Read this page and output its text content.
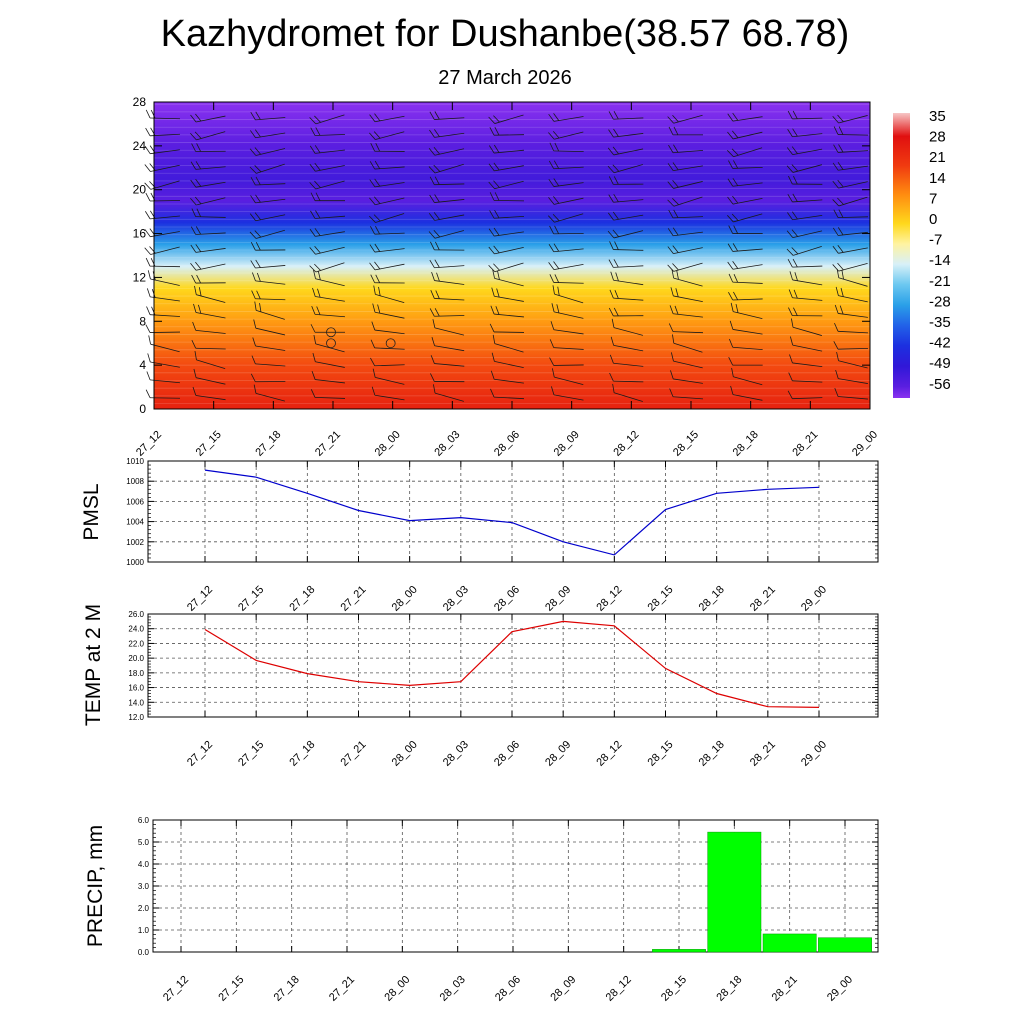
Kazhydromet for Dushanbe(38.57 68.78)
27 March 2026
0
4
8
12
16
20
24
28
27_12	27_15	27_18	27_21	28_00	28_03	28_06	28_09	28_12	28_15	28_18	28_21	29_00
35
28
21
14
7
0
-7
-14
-21
-28
-35
-42
-49
-56
1000
1002
1004
1006
1008
1010
27_12 27_15 27_18 27_21 28_00 28_03 28_06 28_09 28_12 28_15 28_18 28_21 29_00
PMSL
12.0
14.0
16.0
18.0
20.0
22.0
24.0
26.0
27_12 27_15 27_18 27_21 28_00 28_03 28_06 28_09 28_12 28_15 28_18 28_21 29_00
TEMP at 2 M
0.0
1.0
2.0
3.0
4.0
5.0
6.0
27_12 27_15 27_18 27_21 28_00 28_03 28_06 28_09 28_12 28_15 28_18 28_21 29_00
PRECIP, mm
